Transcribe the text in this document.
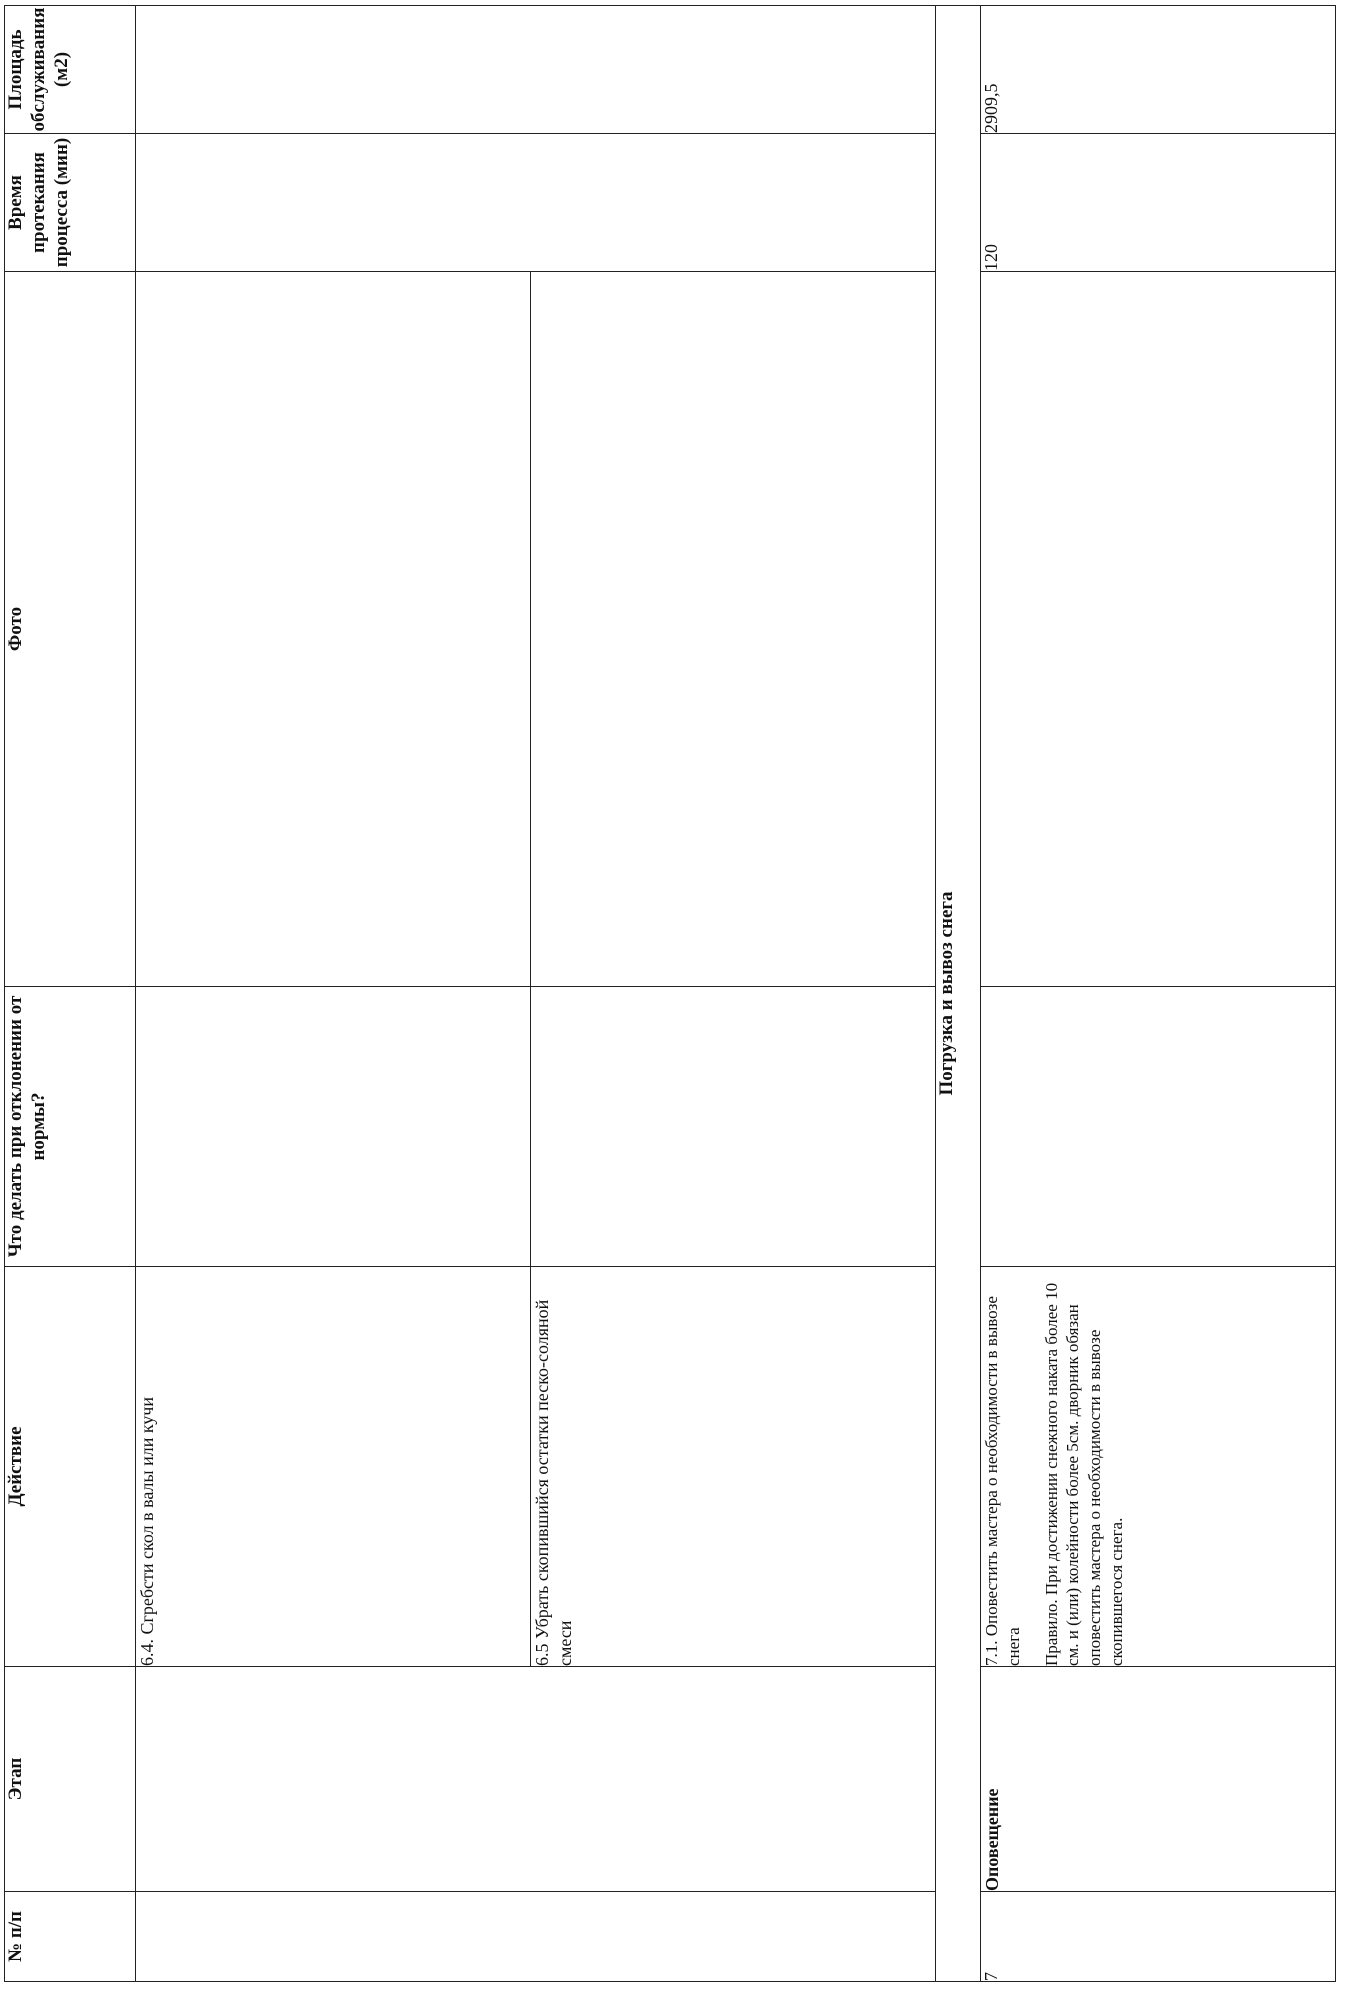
№ п/п	Этап	Действие	Что делать при отклонении от нормы?	Фото	Время протекания процесса (мин)	Площадь обслуживания (м2)
		6.4. Сгребсти скол в валы или кучи		

		6.5 Убрать скопившийся остатки песко-соляной смеси		

Погрузка и вывоз снега						
7	Оповещение	7.1. Оповестить мастера о необходимости в вывозе снега Правило. При достижении снежного наката более 10 см. и (или) колейности более 5см. дворник обязан оповестить мастера о необходимости в вывозе скопившегося снега.			120	2909,5
